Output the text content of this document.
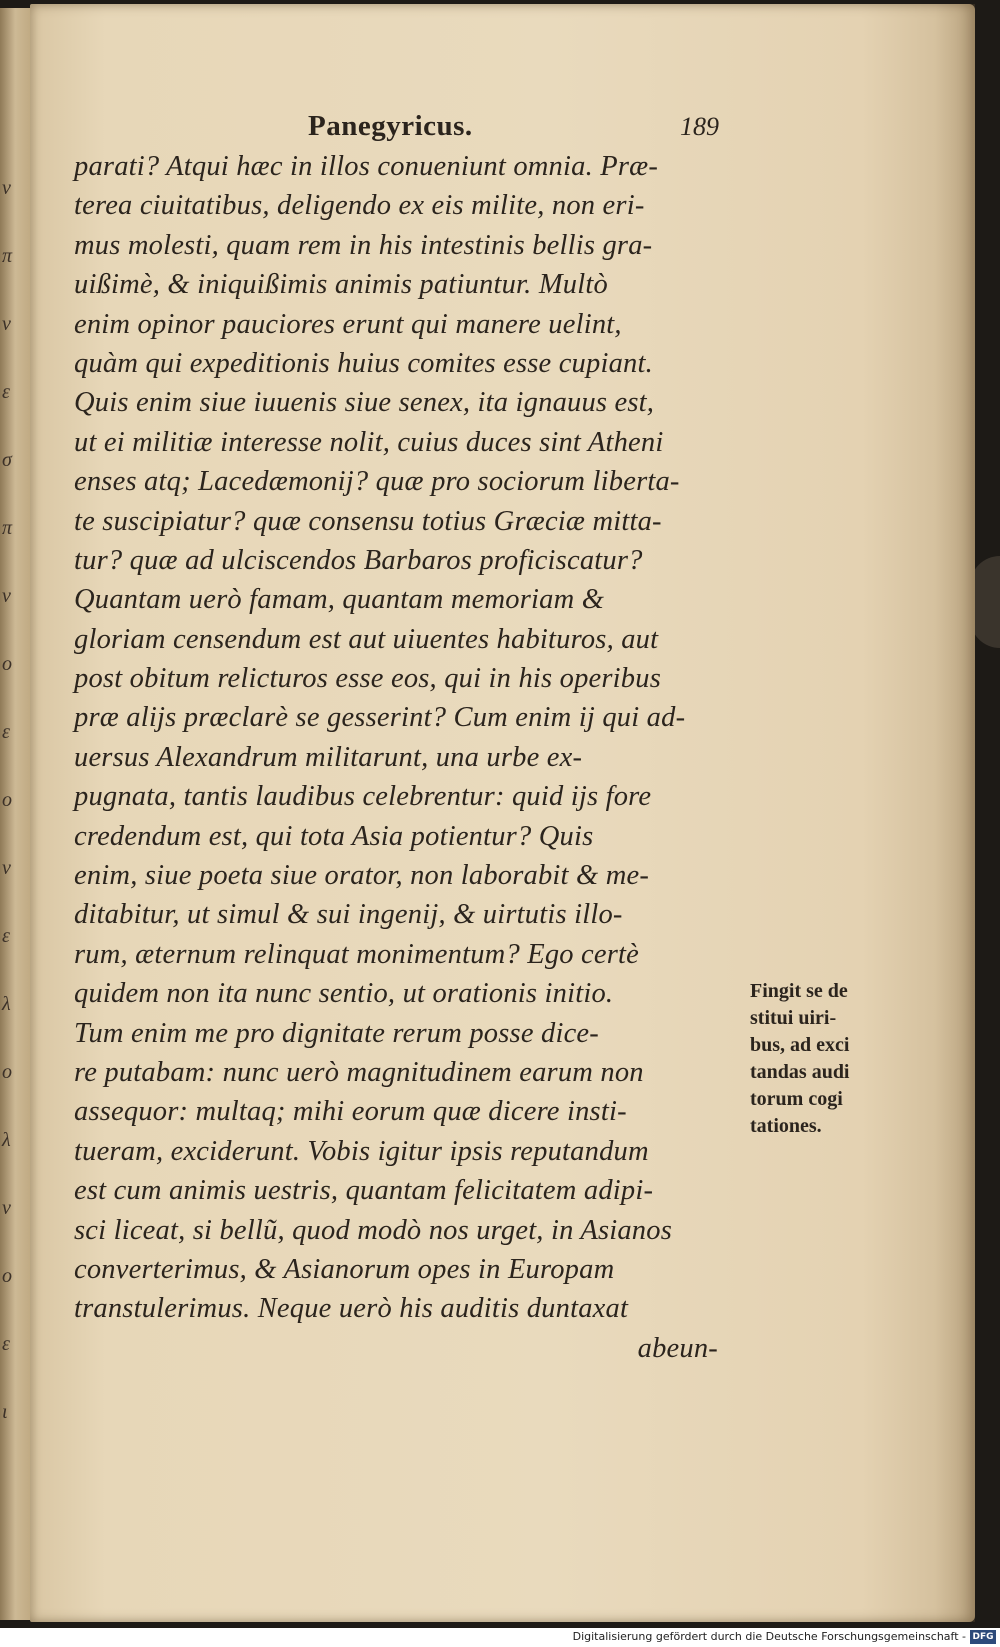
ν
π
ν
ε
σ
π
ν
ο
ε
ο
ν
ε
λ
ο
λ
ν
ο
ε
ι
Panegyricus.	189
parati? Atqui hæc in illos conueniunt omnia. Præ-
terea ciuitatibus, deligendo ex eis milite, non eri-
mus molesti, quam rem in his intestinis bellis gra-
uißimè, & iniquißimis animis patiuntur. Multò
enim opinor pauciores erunt qui manere uelint,
quàm qui expeditionis huius comites esse cupiant.
Quis enim siue iuuenis siue senex, ita ignauus est,
ut ei militiæ interesse nolit, cuius duces sint Atheni
enses atq; Lacedæmonij? quæ pro sociorum liberta-
te suscipiatur? quæ consensu totius Græciæ mitta-
tur? quæ ad ulciscendos Barbaros proficiscatur?
Quantam uerò famam, quantam memoriam &
gloriam censendum est aut uiuentes habituros, aut
post obitum relicturos esse eos, qui in his operibus
præ alijs præclarè se gesserint? Cum enim ij qui ad-
uersus Alexandrum militarunt, una urbe ex-
pugnata, tantis laudibus celebrentur: quid ijs fore
credendum est, qui tota Asia potientur? Quis
enim, siue poeta siue orator, non laborabit & me-
ditabitur, ut simul & sui ingenij, & uirtutis illo-
rum, æternum relinquat monimentum? Ego certè
quidem non ita nunc sentio, ut orationis initio.
Tum enim me pro dignitate rerum posse dice-
re putabam: nunc uerò magnitudinem earum non
assequor: multaq; mihi eorum quæ dicere insti-
tueram, exciderunt. Vobis igitur ipsis reputandum
est cum animis uestris, quantam felicitatem adipi-
sci liceat, si bellũ, quod modò nos urget, in Asianos
converterimus, & Asianorum opes in Europam
transtulerimus. Neque uerò his auditis duntaxat
abeun-
Fingit se de
stitui uiri-
bus, ad exci
tandas audi
torum cogi
tationes.
Digitalisierung gefördert durch die Deutsche Forschungsgemeinschaft - DFG
